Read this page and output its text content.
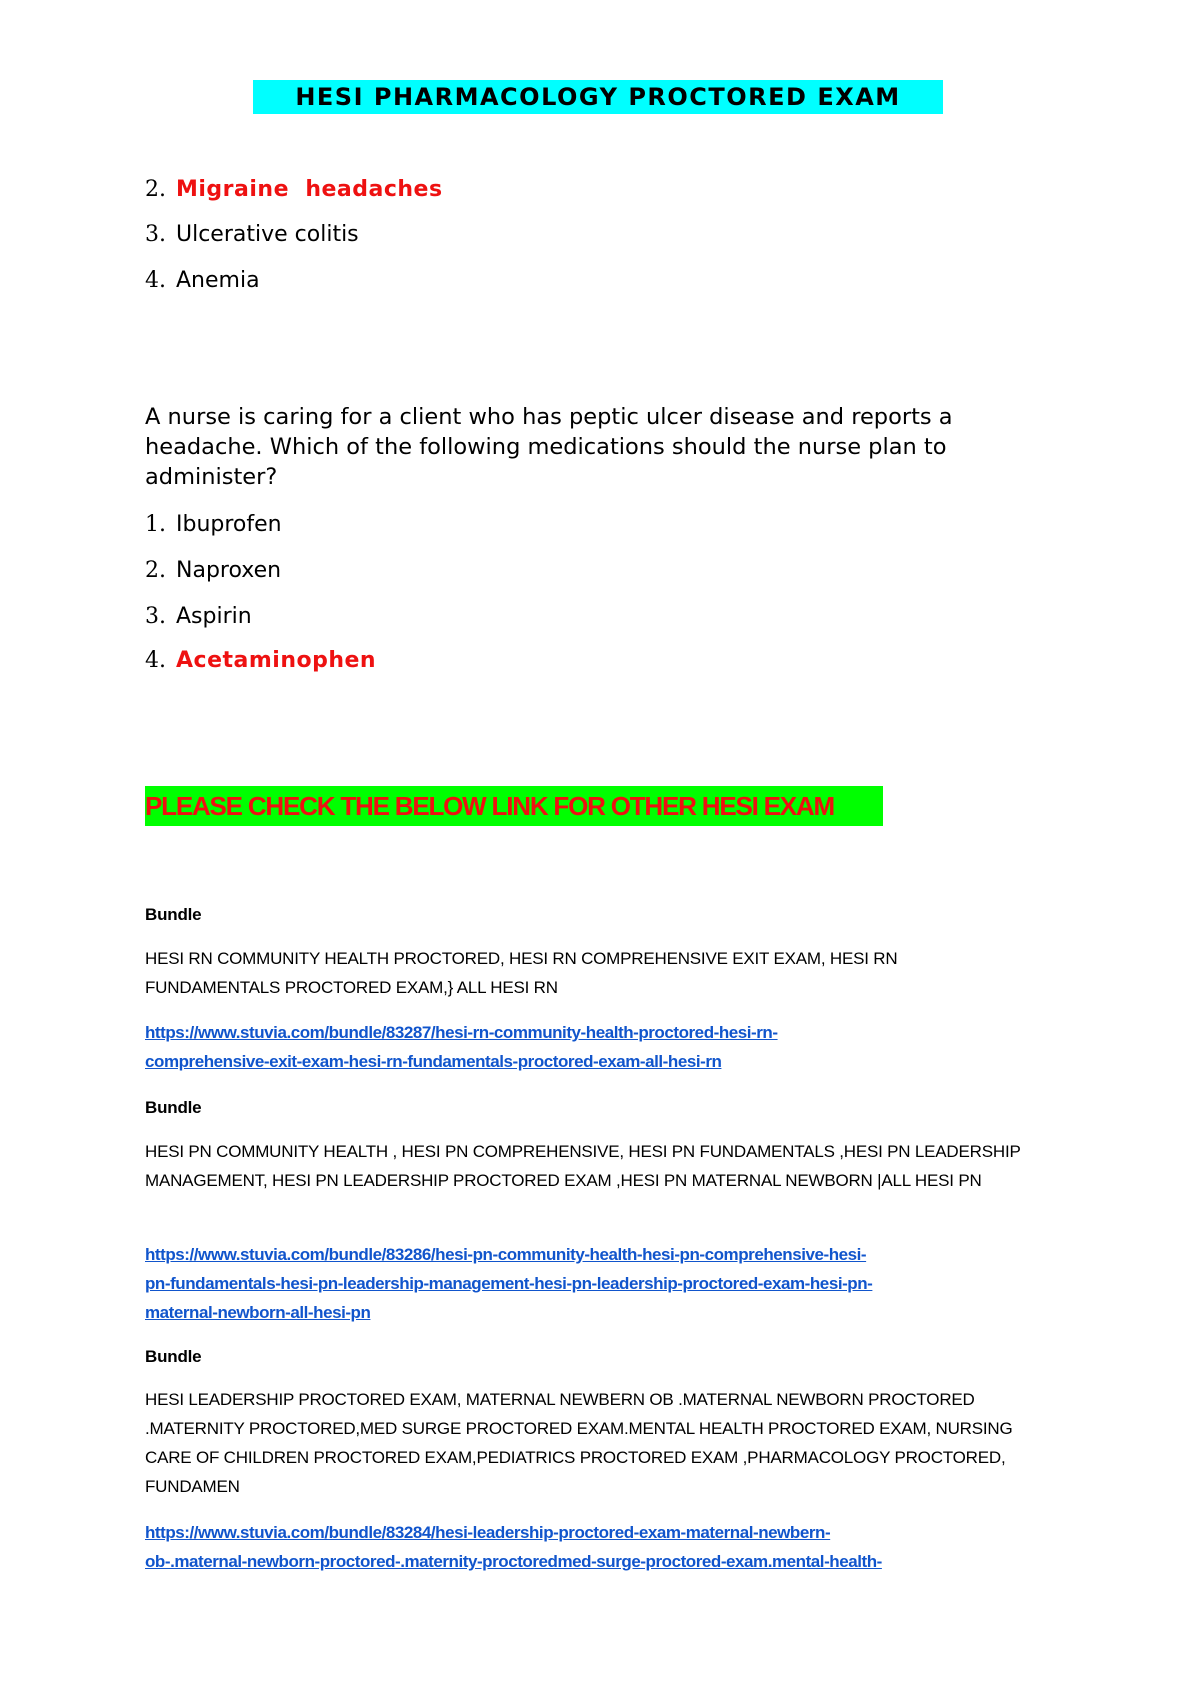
HESI PHARMACOLOGY PROCTORED EXAM
2. Migraine  headaches
3. Ulcerative colitis
4. Anemia
A nurse is caring for a client who has peptic ulcer disease and reports a headache. Which of the following medications should the nurse plan to administer?
1. Ibuprofen
2. Naproxen
3. Aspirin
4. Acetaminophen
PLEASE CHECK THE BELOW LINK FOR OTHER HESI EXAM
Bundle
HESI RN COMMUNITY HEALTH PROCTORED, HESI RN COMPREHENSIVE EXIT EXAM, HESI RN FUNDAMENTALS PROCTORED EXAM,} ALL HESI RN
https://www.stuvia.com/bundle/83287/hesi-rn-community-health-proctored-hesi-rn-
comprehensive-exit-exam-hesi-rn-fundamentals-proctored-exam-all-hesi-rn
Bundle
HESI PN COMMUNITY HEALTH , HESI PN COMPREHENSIVE, HESI PN FUNDAMENTALS ,HESI PN LEADERSHIP MANAGEMENT, HESI PN LEADERSHIP PROCTORED EXAM ,HESI PN MATERNAL NEWBORN |ALL HESI PN
https://www.stuvia.com/bundle/83286/hesi-pn-community-health-hesi-pn-comprehensive-hesi-
pn-fundamentals-hesi-pn-leadership-management-hesi-pn-leadership-proctored-exam-hesi-pn-
maternal-newborn-all-hesi-pn
Bundle
HESI LEADERSHIP PROCTORED EXAM, MATERNAL NEWBERN OB .MATERNAL NEWBORN PROCTORED .MATERNITY PROCTORED,MED SURGE PROCTORED EXAM.MENTAL HEALTH PROCTORED EXAM, NURSING CARE OF CHILDREN PROCTORED EXAM,PEDIATRICS PROCTORED EXAM ,PHARMACOLOGY PROCTORED, FUNDAMEN
https://www.stuvia.com/bundle/83284/hesi-leadership-proctored-exam-maternal-newbern-
ob-.maternal-newborn-proctored-.maternity-proctoredmed-surge-proctored-exam.mental-health-
